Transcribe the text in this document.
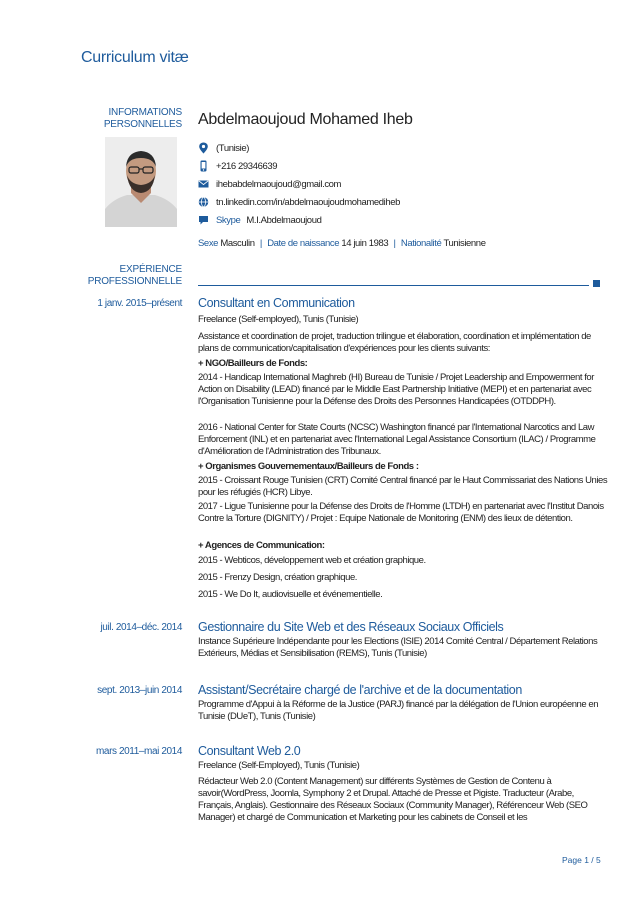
Curriculum vitæ
INFORMATIONS
PERSONNELLES Abdelmaoujoud Mohamed Iheb
(Tunisie)
+216 29346639
ihebabdelmaoujoud@gmail.com
tn.linkedin.com/in/abdelmaoujoudmohamediheb
Skype M.I.Abdelmaoujoud
Sexe Masculin | Date de naissance 14 juin 1983 | Nationalité Tunisienne
EXPÉRIENCE
PROFESSIONNELLE
1 janv. 2015–présent Consultant en Communication
Freelance (Self-employed), Tunis (Tunisie)
Assistance et coordination de projet, traduction trilingue et élaboration, coordination et implémentation de plans de communication/capitalisation d'expériences pour les clients suivants:
+ NGO/Bailleurs de Fonds:
2014 - Handicap International Maghreb (HI) Bureau de Tunisie / Projet Leadership and Empowerment for Action on Disability (LEAD) financé par le Middle East Partnership Initiative (MEPI) et en partenariat avec l'Organisation Tunisienne pour la Défense des Droits des Personnes Handicapées (OTDDPH).
2016 - National Center for State Courts (NCSC) Washington financé par l'International Narcotics and Law Enforcement (INL) et en partenariat avec l'International Legal Assistance Consortium (ILAC) / Programme d'Amélioration de l'Administration des Tribunaux.
+ Organismes Gouvernementaux/Bailleurs de Fonds :
2015 - Croissant Rouge Tunisien (CRT) Comité Central financé par le Haut Commissariat des Nations Unies pour les réfugiés (HCR) Libye.
2017 - Ligue Tunisienne pour la Défense des Droits de l'Homme (LTDH) en partenariat avec l'Institut Danois Contre la Torture (DIGNITY) / Projet : Equipe Nationale de Monitoring (ENM) des lieux de détention.
+ Agences de Communication:
2015 - Webticos, développement web et création graphique.
2015 - Frenzy Design, création graphique.
2015 - We Do It, audiovisuelle et événementielle.
juil. 2014–déc. 2014 Gestionnaire du Site Web et des Réseaux Sociaux Officiels
Instance Supérieure Indépendante pour les Elections (ISIE) 2014 Comité Central / Département Relations Extérieurs, Médias et Sensibilisation (REMS), Tunis (Tunisie)
sept. 2013–juin 2014 Assistant/Secrétaire chargé de l'archive et de la documentation
Programme d'Appui à la Réforme de la Justice (PARJ) financé par la délégation de l'Union européenne en Tunisie (DUeT), Tunis (Tunisie)
mars 2011–mai 2014 Consultant Web 2.0
Freelance (Self-Employed), Tunis (Tunisie)
Rédacteur Web 2.0 (Content Management) sur différents Systèmes de Gestion de Contenu à savoir(WordPress, Joomla, Symphony 2 et Drupal. Attaché de Presse et Pigiste. Traducteur (Arabe, Français, Anglais). Gestionnaire des Réseaux Sociaux (Community Manager), Référenceur Web (SEO Manager) et chargé de Communication et Marketing pour les cabinets de Conseil et les
Page 1 / 5
